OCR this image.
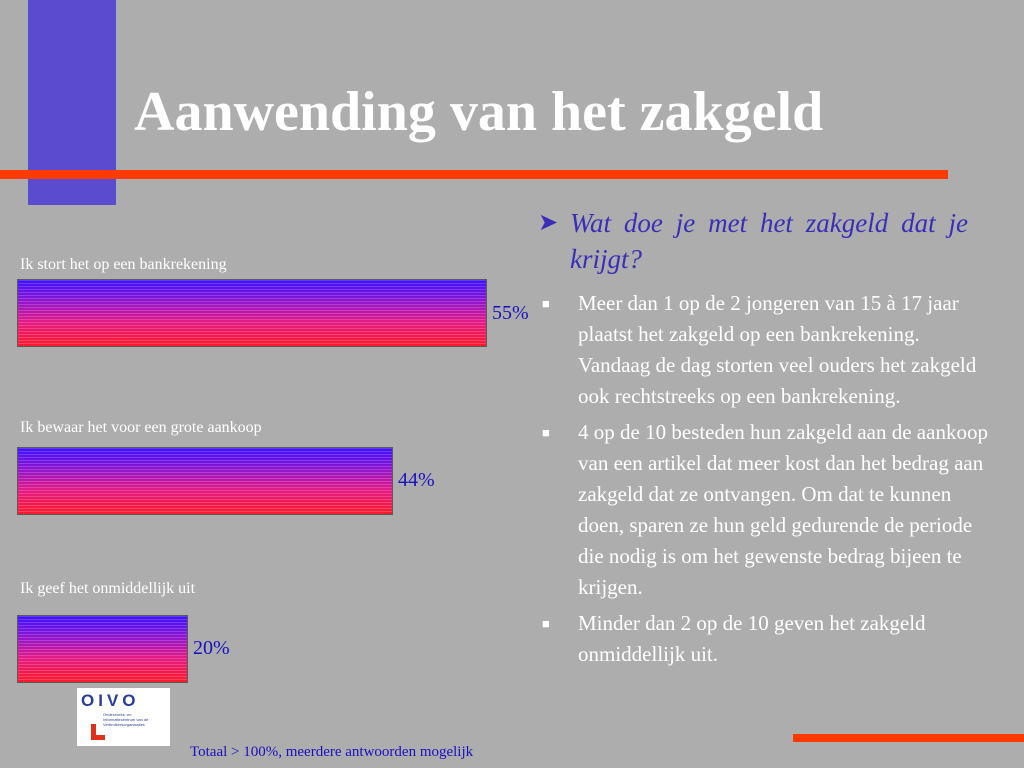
Aanwending van het zakgeld
Ik stort het op een bankrekening
55%
Ik bewaar het voor een grote aankoop
44%
Ik geef het onmiddellijk uit
20%
OIVO
Onderzoeks- en Informatiecentrum van de Verbruikersorganisaties
Totaal > 100%, meerdere antwoorden mogelijk
➤ Wat doe je met het zakgeld dat je krijgt?
■ Meer dan 1 op de 2 jongeren van 15 à 17 jaar plaatst het zakgeld op een bankrekening. Vandaag de dag storten veel ouders het zakgeld ook rechtstreeks op een bankrekening.
■ 4 op de 10 besteden hun zakgeld aan de aankoop van een artikel dat meer kost dan het bedrag aan zakgeld dat ze ontvangen. Om dat te kunnen doen, sparen ze hun geld gedurende de periode die nodig is om het gewenste bedrag bijeen te krijgen.
■ Minder dan 2 op de 10 geven het zakgeld onmiddellijk uit.
